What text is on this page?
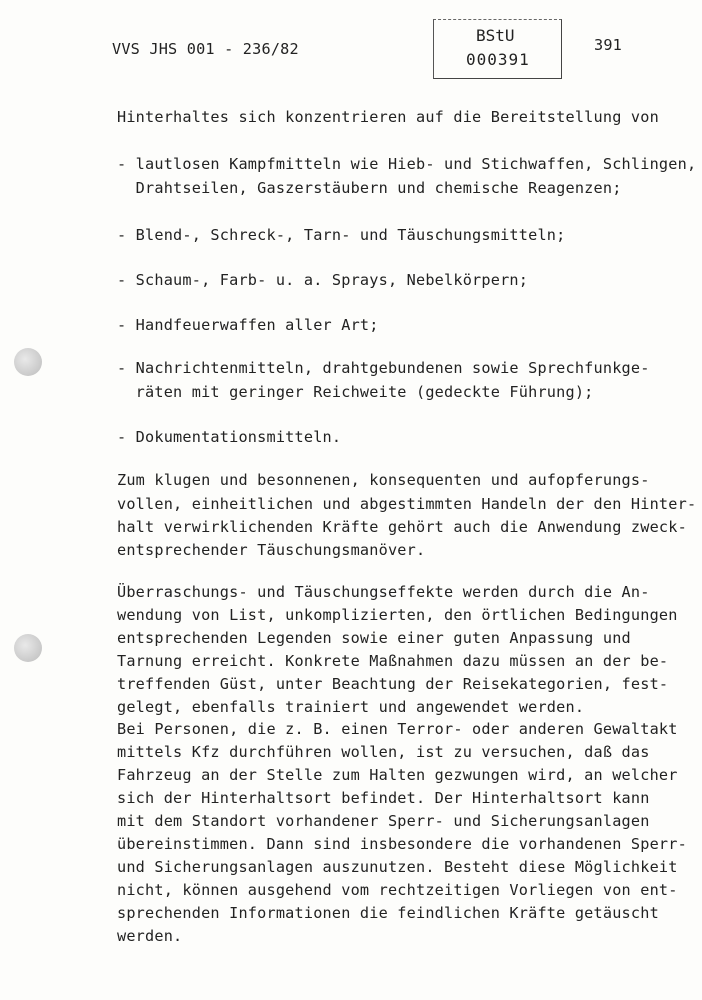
VVS JHS 001 - 236/82
BStU
000391
391
Hinterhaltes sich konzentrieren auf die Bereitstellung von
- lautlosen Kampfmitteln wie Hieb- und Stichwaffen, Schlingen,
Drahtseilen, Gaszerstäubern und chemische Reagenzen;
- Blend-, Schreck-, Tarn- und Täuschungsmitteln;
- Schaum-, Farb- u. a. Sprays, Nebelkörpern;
- Handfeuerwaffen aller Art;
- Nachrichtenmitteln, drahtgebundenen sowie Sprechfunkge-
räten mit geringer Reichweite (gedeckte Führung);
- Dokumentationsmitteln.
Zum klugen und besonnenen, konsequenten und aufopferungs-
vollen, einheitlichen und abgestimmten Handeln der den Hinter-
halt verwirklichenden Kräfte gehört auch die Anwendung zweck-
entsprechender Täuschungsmanöver.
Überraschungs- und Täuschungseffekte werden durch die An-
wendung von List, unkomplizierten, den örtlichen Bedingungen
entsprechenden Legenden sowie einer guten Anpassung und
Tarnung erreicht. Konkrete Maßnahmen dazu müssen an der be-
treffenden Güst, unter Beachtung der Reisekategorien, fest-
gelegt, ebenfalls trainiert und angewendet werden.
Bei Personen, die z. B. einen Terror- oder anderen Gewaltakt
mittels Kfz durchführen wollen, ist zu versuchen, daß das
Fahrzeug an der Stelle zum Halten gezwungen wird, an welcher
sich der Hinterhaltsort befindet. Der Hinterhaltsort kann
mit dem Standort vorhandener Sperr- und Sicherungsanlagen
übereinstimmen. Dann sind insbesondere die vorhandenen Sperr-
und Sicherungsanlagen auszunutzen. Besteht diese Möglichkeit
nicht, können ausgehend vom rechtzeitigen Vorliegen von ent-
sprechenden Informationen die feindlichen Kräfte getäuscht
werden.
